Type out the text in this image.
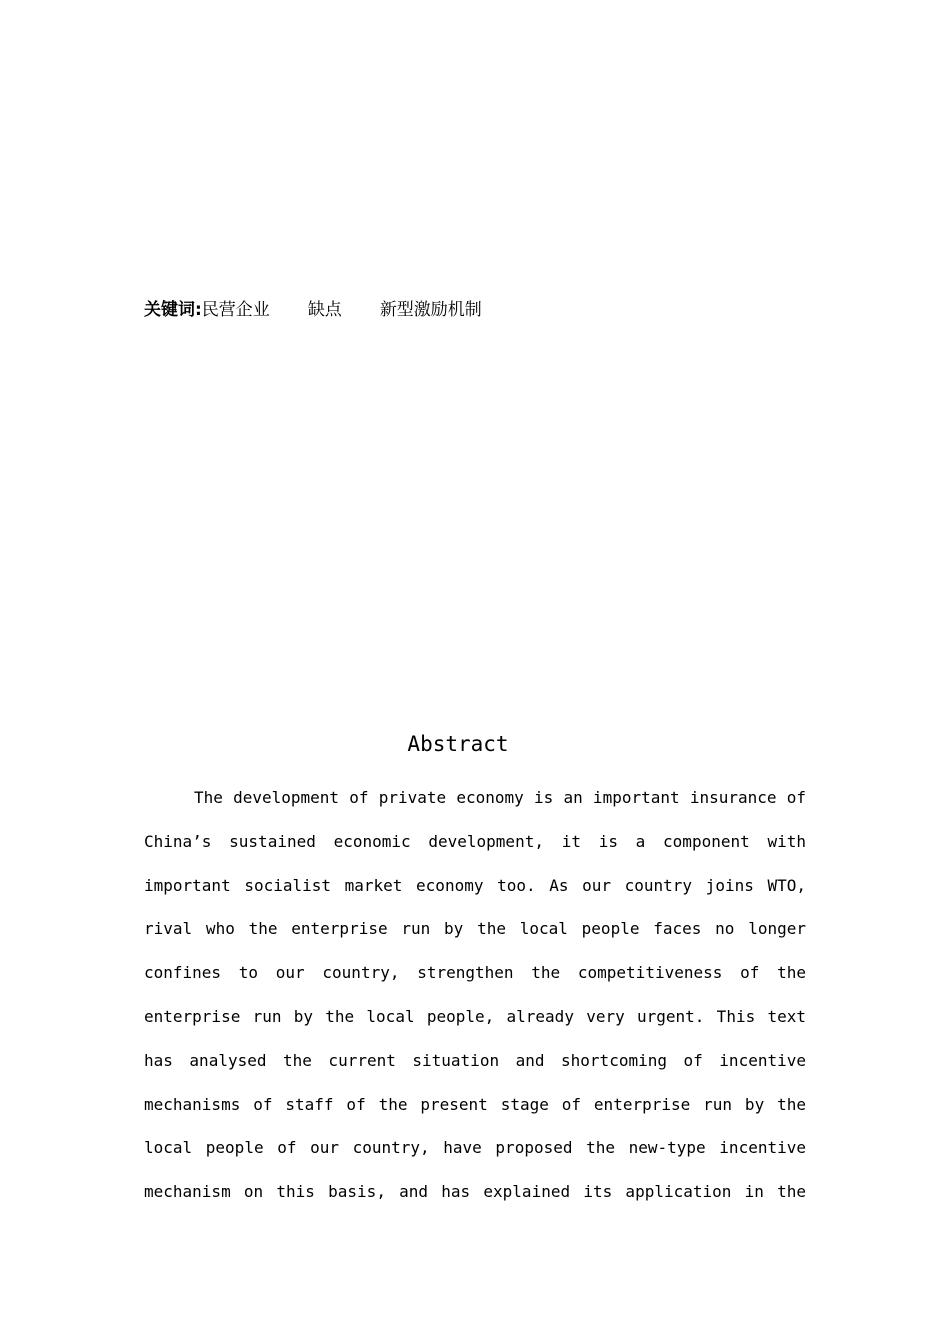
关键词:民营企业 缺点 新型激励机制
Abstract
The development of private economy is an important insurance of
China’s sustained economic development, it is a component with
important socialist market economy too. As our country joins WTO,
rival who the enterprise run by the local people faces no longer
confines to our country, strengthen the competitiveness of the
enterprise run by the local people, already very urgent. This text
has analysed the current situation and shortcoming of incentive
mechanisms of staff of the present stage of enterprise run by the
local people of our country, have proposed the new-type incentive
mechanism on this basis, and has explained its application in the
